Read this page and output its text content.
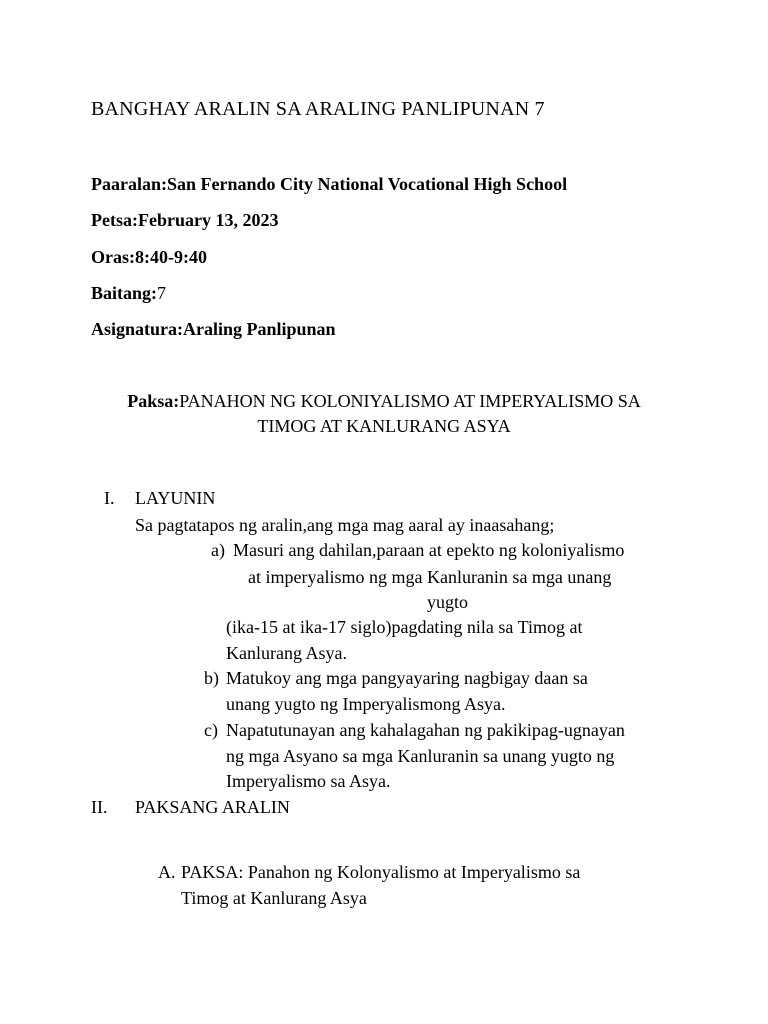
BANGHAY ARALIN SA ARALING PANLIPUNAN 7
Paaralan:San Fernando City National Vocational High School
Petsa:February 13, 2023
Oras:8:40-9:40
Baitang:7
Asignatura:Araling Panlipunan
Paksa:PANAHON NG KOLONIYALISMO AT IMPERYALISMO SA
TIMOG AT KANLURANG ASYA
I. LAYUNIN
Sa pagtatapos ng aralin,ang mga mag aaral ay inaasahang;
a) Masuri ang dahilan,paraan at epekto ng koloniyalismo
at imperyalismo ng mga Kanluranin sa mga unang
yugto
(ika-15 at ika-17 siglo)pagdating nila sa Timog at
Kanlurang Asya.
b) Matukoy ang mga pangyayaring nagbigay daan sa
unang yugto ng Imperyalismong Asya.
c) Napatutunayan ang kahalagahan ng pakikipag-ugnayan
ng mga Asyano sa mga Kanluranin sa unang yugto ng
Imperyalismo sa Asya.
II. PAKSANG ARALIN
A. PAKSA: Panahon ng Kolonyalismo at Imperyalismo sa
Timog at Kanlurang Asya
